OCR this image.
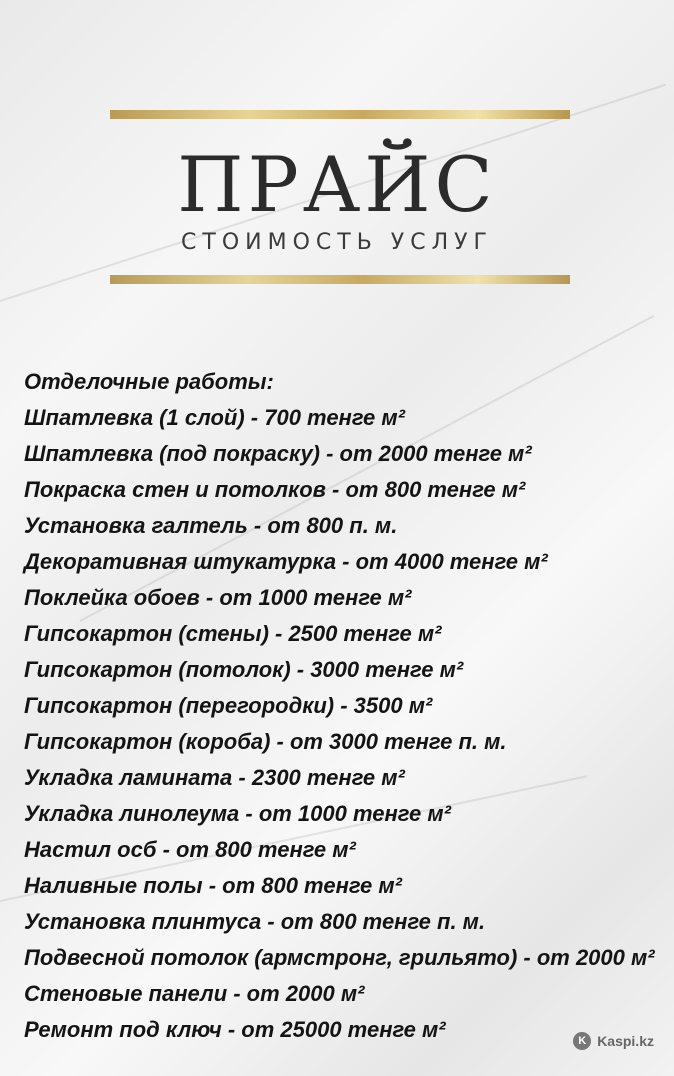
ПРАЙС
СТОИМОСТЬ УСЛУГ
Отделочные работы:
Шпатлевка (1 слой) - 700 тенге м²
Шпатлевка (под покраску) - от 2000 тенге м²
Покраска стен и потолков - от 800 тенге м²
Установка галтель - от 800 п. м.
Декоративная штукатурка - от 4000 тенге м²
Поклейка обоев - от 1000 тенге м²
Гипсокартон (стены) - 2500 тенге м²
Гипсокартон (потолок) - 3000 тенге м²
Гипсокартон (перегородки) - 3500 м²
Гипсокартон (короба) - от 3000 тенге п. м.
Укладка ламината - 2300 тенге м²
Укладка линолеума - от 1000 тенге м²
Настил осб - от 800 тенге м²
Наливные полы - от 800 тенге м²
Установка плинтуса - от 800 тенге п. м.
Подвесной потолок (армстронг, грильято) - от 2000 м²
Стеновые панели - от 2000 м²
Ремонт под ключ - от 25000 тенге м²	K Kaspi.kz
